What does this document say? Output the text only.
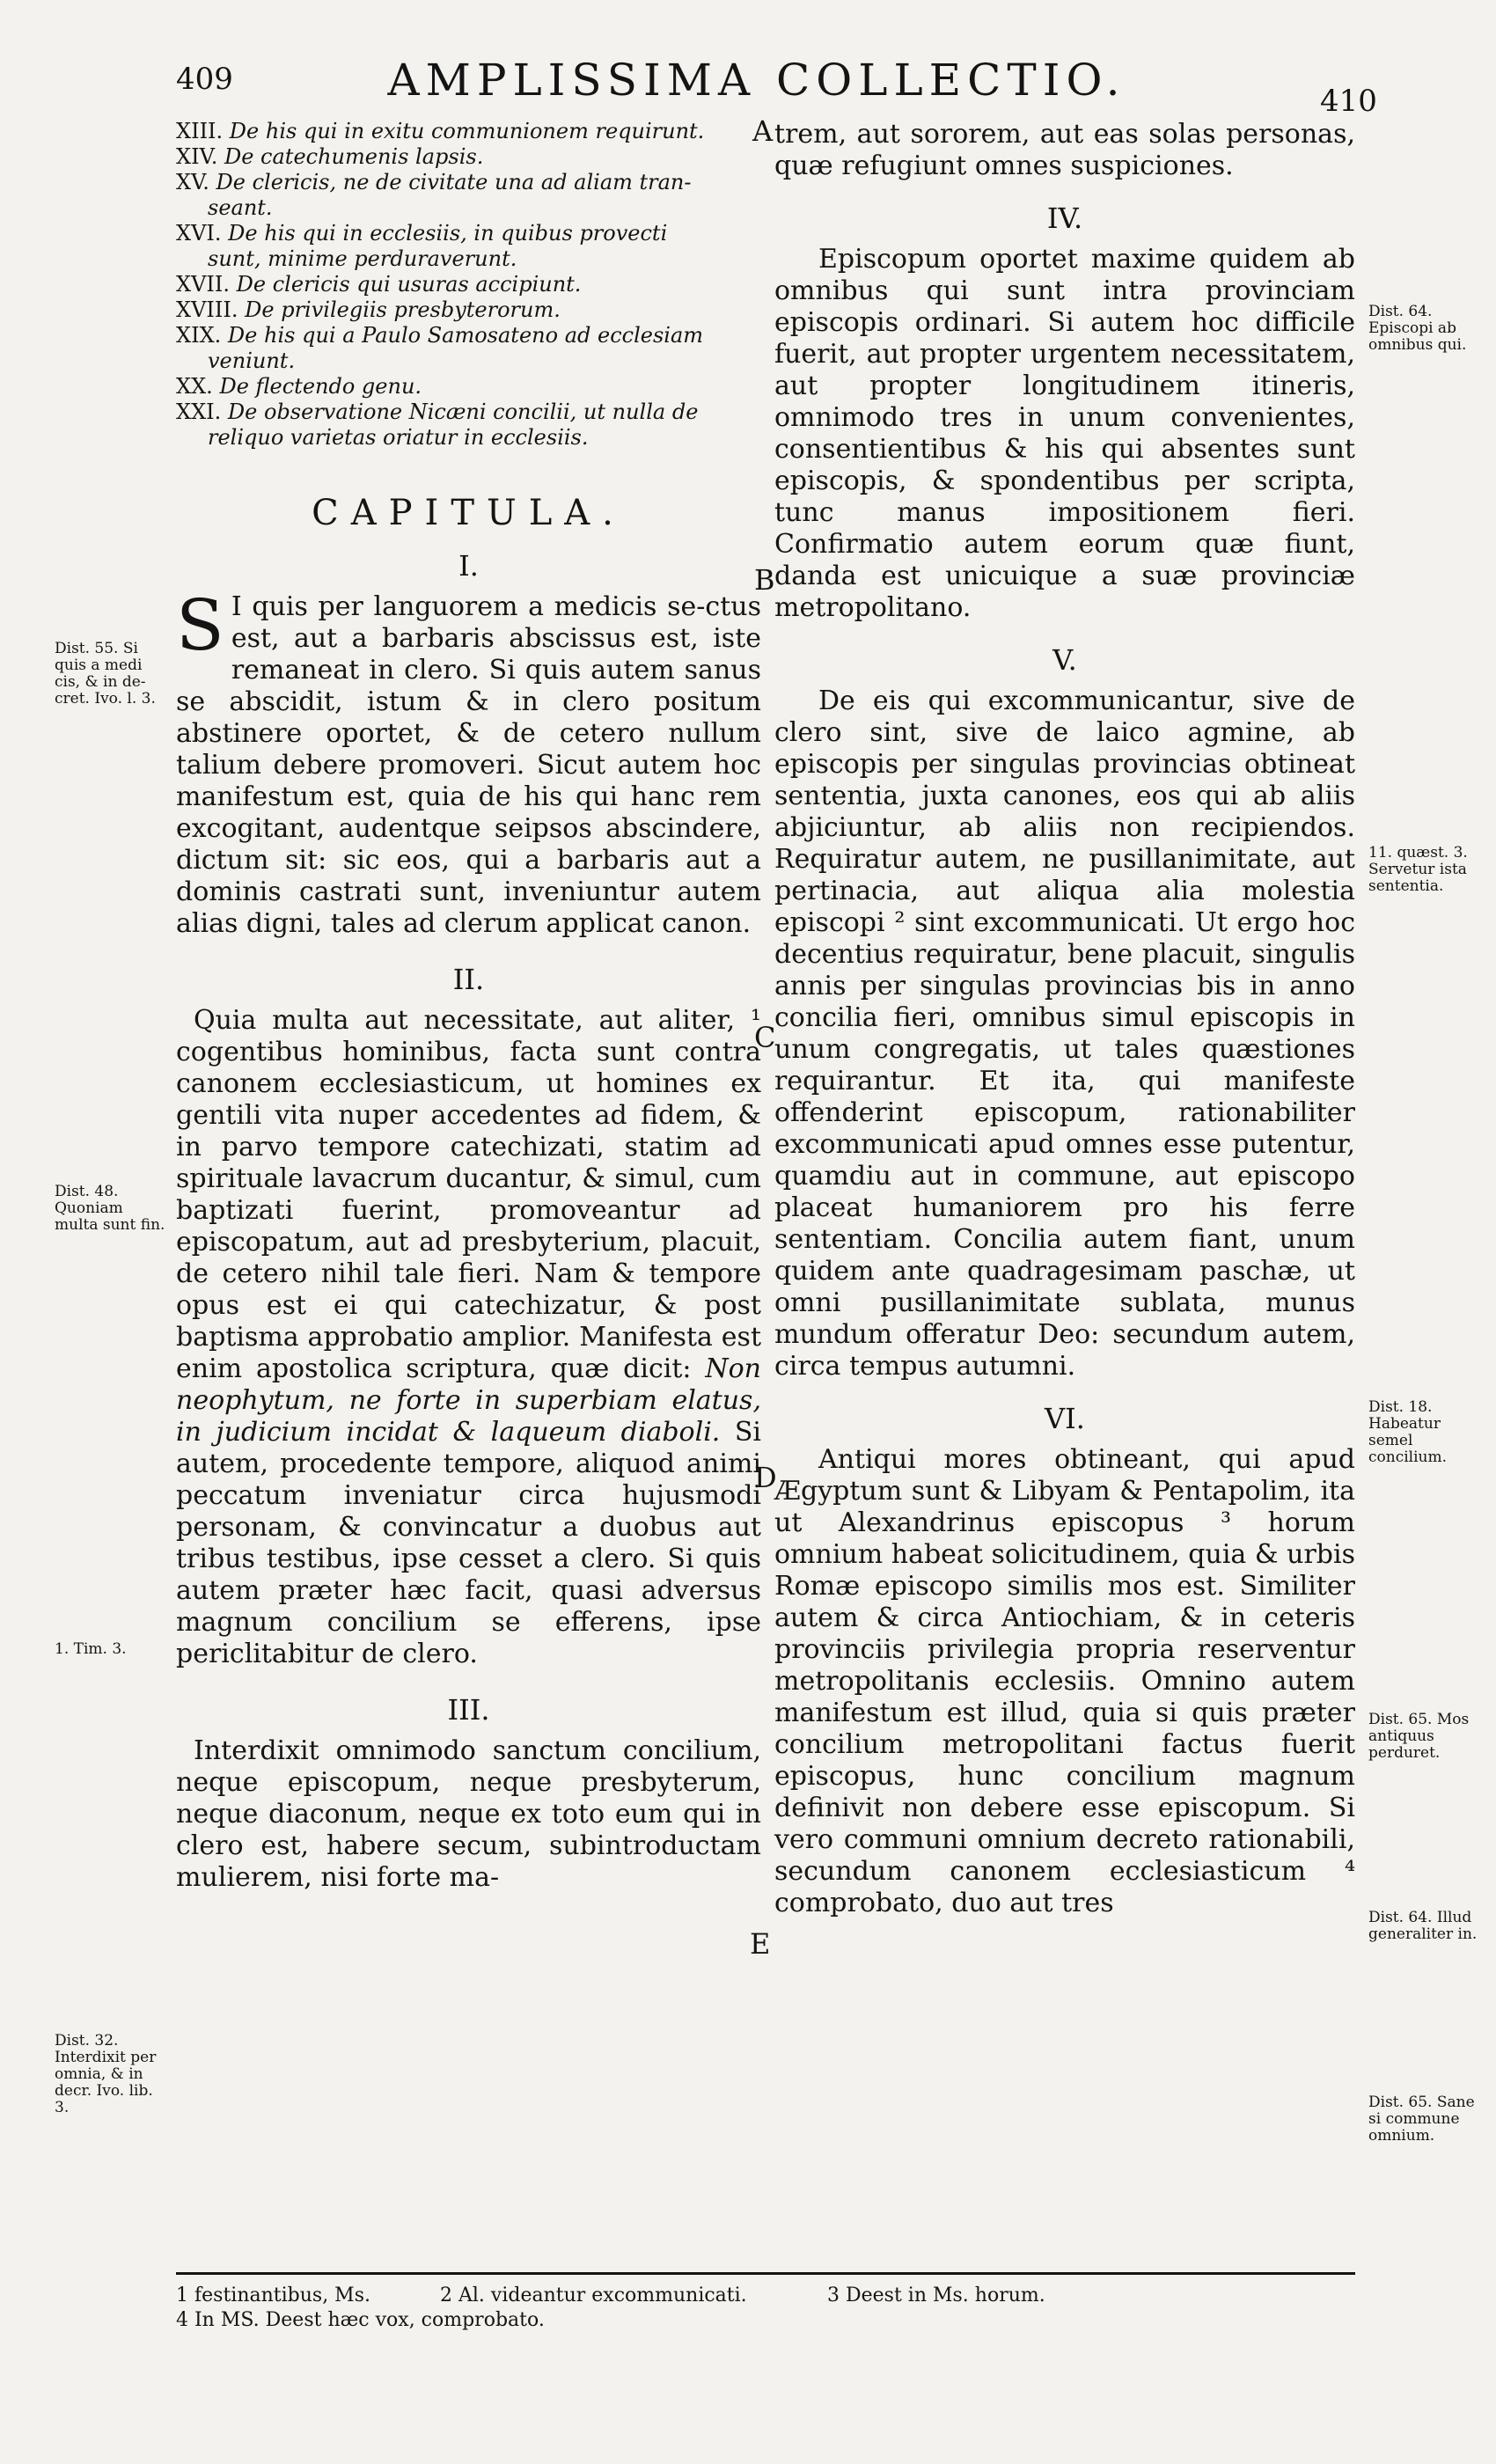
409	AMPLISSIMA COLLECTIO.	410

XIII. De his qui in exitu communionem requirunt.

XIV. De catechumenis lapsis.

XV. De clericis, ne de civitate una ad aliam tran-

seant.

XVI. De his qui in ecclesiis, in quibus provecti

sunt, minime perduraverunt.

XVII. De clericis qui usuras accipiunt.

XVIII. De privilegiis presbyterorum.

XIX. De his qui a Paulo Samosateno ad ecclesiam

veniunt.

XX. De flectendo genu.

XXI. De observatione Nicæni concilii, ut nulla de

reliquo varietas oriatur in ecclesiis.

CAPITULA.
I.

S I quis per languorem a medicis se-ctus est, aut a barbaris abscissus est, iste remaneat in clero. Si quis autem sanus se abscidit, istum & in clero positum abstinere oportet, & de cetero nullum talium debere promoveri. Sicut autem hoc manifestum est, quia de his qui hanc rem excogitant, audentque seipsos abscindere, dictum sit: sic eos, qui a barbaris aut a dominis castrati sunt, inveniuntur autem alias digni, tales ad clerum applicat canon.

II.

Quia multa aut necessitate, aut aliter, ¹ cogentibus hominibus, facta sunt contra canonem ecclesiasticum, ut homines ex gentili vita nuper accedentes ad fidem, & in parvo tempore catechizati, statim ad spirituale lavacrum ducantur, & simul, cum baptizati fuerint, promoveantur ad episcopatum, aut ad presbyterium, placuit, de cetero nihil tale fieri. Nam & tempore opus est ei qui catechizatur, & post baptisma approbatio amplior. Manifesta est enim apostolica scriptura, quæ dicit: Non neophytum, ne forte in superbiam elatus, in judicium incidat & laqueum diaboli. Si autem, procedente tempore, aliquod animi peccatum inveniatur circa hujusmodi personam, & convincatur a duobus aut tribus testibus, ipse cesset a clero. Si quis autem præter hæc facit, quasi adversus magnum concilium se efferens, ipse periclitabitur de clero.

III.

Interdixit omnimodo sanctum concilium, neque episcopum, neque presbyterum, neque diaconum, neque ex toto eum qui in clero est, habere secum, subintroductam mulierem, nisi forte ma-

trem, aut sororem, aut eas solas personas, quæ refugiunt omnes suspiciones.

IV.

Episcopum oportet maxime quidem ab omnibus qui sunt intra provinciam episcopis ordinari. Si autem hoc difficile fuerit, aut propter urgentem necessitatem, aut propter longitudinem itineris, omnimodo tres in unum convenientes, consentientibus & his qui absentes sunt episcopis, & spondentibus per scripta, tunc manus impositionem fieri. Confirmatio autem eorum quæ fiunt, danda est unicuique a suæ provinciæ metropolitano.

V.

De eis qui excommunicantur, sive de clero sint, sive de laico agmine, ab episcopis per singulas provincias obtineat sententia, juxta canones, eos qui ab aliis abjiciuntur, ab aliis non recipiendos. Requiratur autem, ne pusillanimitate, aut pertinacia, aut aliqua alia molestia episcopi ² sint excommunicati. Ut ergo hoc decentius requiratur, bene placuit, singulis annis per singulas provincias bis in anno concilia fieri, omnibus simul episcopis in unum congregatis, ut tales quæstiones requirantur. Et ita, qui manifeste offenderint episcopum, rationabiliter excommunicati apud omnes esse putentur, quamdiu aut in commune, aut episcopo placeat humaniorem pro his ferre sententiam. Concilia autem fiant, unum quidem ante quadragesimam paschæ, ut omni pusillanimitate sublata, munus mundum offeratur Deo: secundum autem, circa tempus autumni.

VI.

Antiqui mores obtineant, qui apud Ægyptum sunt & Libyam & Pentapolim, ita ut Alexandrinus episcopus ³ horum omnium habeat solicitudinem, quia & urbis Romæ episcopo similis mos est. Similiter autem & circa Antiochiam, & in ceteris provinciis privilegia propria reserventur metropolitanis ecclesiis. Omnino autem manifestum est illud, quia si quis præter concilium metropolitani factus fuerit episcopus, hunc concilium magnum definivit non debere esse episcopum. Si vero communi omnium decreto rationabili, secundum canonem ecclesiasticum ⁴ comprobato, duo aut tres

A
B
C
D
E
Dist. 55. Si quis a medi cis, & in de-cret. Ivo. l. 3.
Dist. 48. Quoniam multa sunt fin.
1. Tim. 3.
Dist. 32. Interdixit per omnia, & in decr. Ivo. lib. 3.
Dist. 64. Episcopi ab omnibus qui.
11. quæst. 3. Servetur ista sententia.
Dist. 18. Habeatur semel concilium.
Dist. 65. Mos antiquus perduret.
Dist. 64. Illud generaliter in.
Dist. 65. Sane si commune omnium.
1 festinantibus, Ms.	2 Al. videantur excommunicati.	3 Deest in Ms. horum.
4 In MS. Deest hæc vox, comprobato.
